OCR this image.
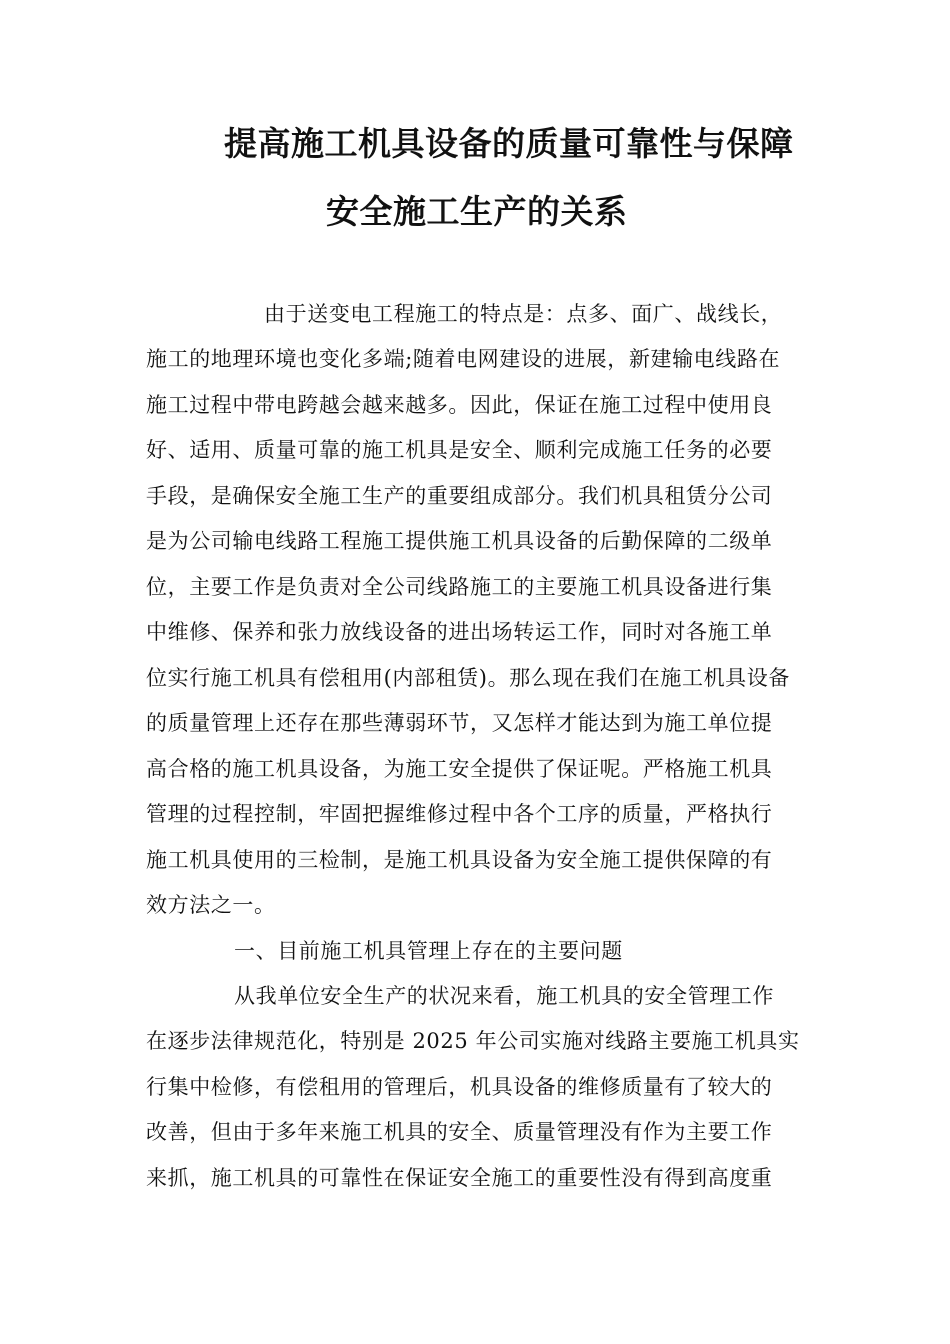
提高施工机具设备的质量可靠性与保障
安全施工生产的关系
由于送变电工程施工的特点是：点多、面广、战线长，
施工的地理环境也变化多端;随着电网建设的进展，新建输电线路在
施工过程中带电跨越会越来越多。因此，保证在施工过程中使用良
好、适用、质量可靠的施工机具是安全、顺利完成施工任务的必要
手段，是确保安全施工生产的重要组成部分。我们机具租赁分公司
是为公司输电线路工程施工提供施工机具设备的后勤保障的二级单
位，主要工作是负责对全公司线路施工的主要施工机具设备进行集
中维修、保养和张力放线设备的进出场转运工作，同时对各施工单
位实行施工机具有偿租用(内部租赁)。那么现在我们在施工机具设备
的质量管理上还存在那些薄弱环节，又怎样才能达到为施工单位提
高合格的施工机具设备，为施工安全提供了保证呢。严格施工机具
管理的过程控制，牢固把握维修过程中各个工序的质量，严格执行
施工机具使用的三检制，是施工机具设备为安全施工提供保障的有
效方法之一。
一、目前施工机具管理上存在的主要问题
从我单位安全生产的状况来看，施工机具的安全管理工作
在逐步法律规范化，特别是 2025 年公司实施对线路主要施工机具实
行集中检修，有偿租用的管理后，机具设备的维修质量有了较大的
改善，但由于多年来施工机具的安全、质量管理没有作为主要工作
来抓，施工机具的可靠性在保证安全施工的重要性没有得到高度重
